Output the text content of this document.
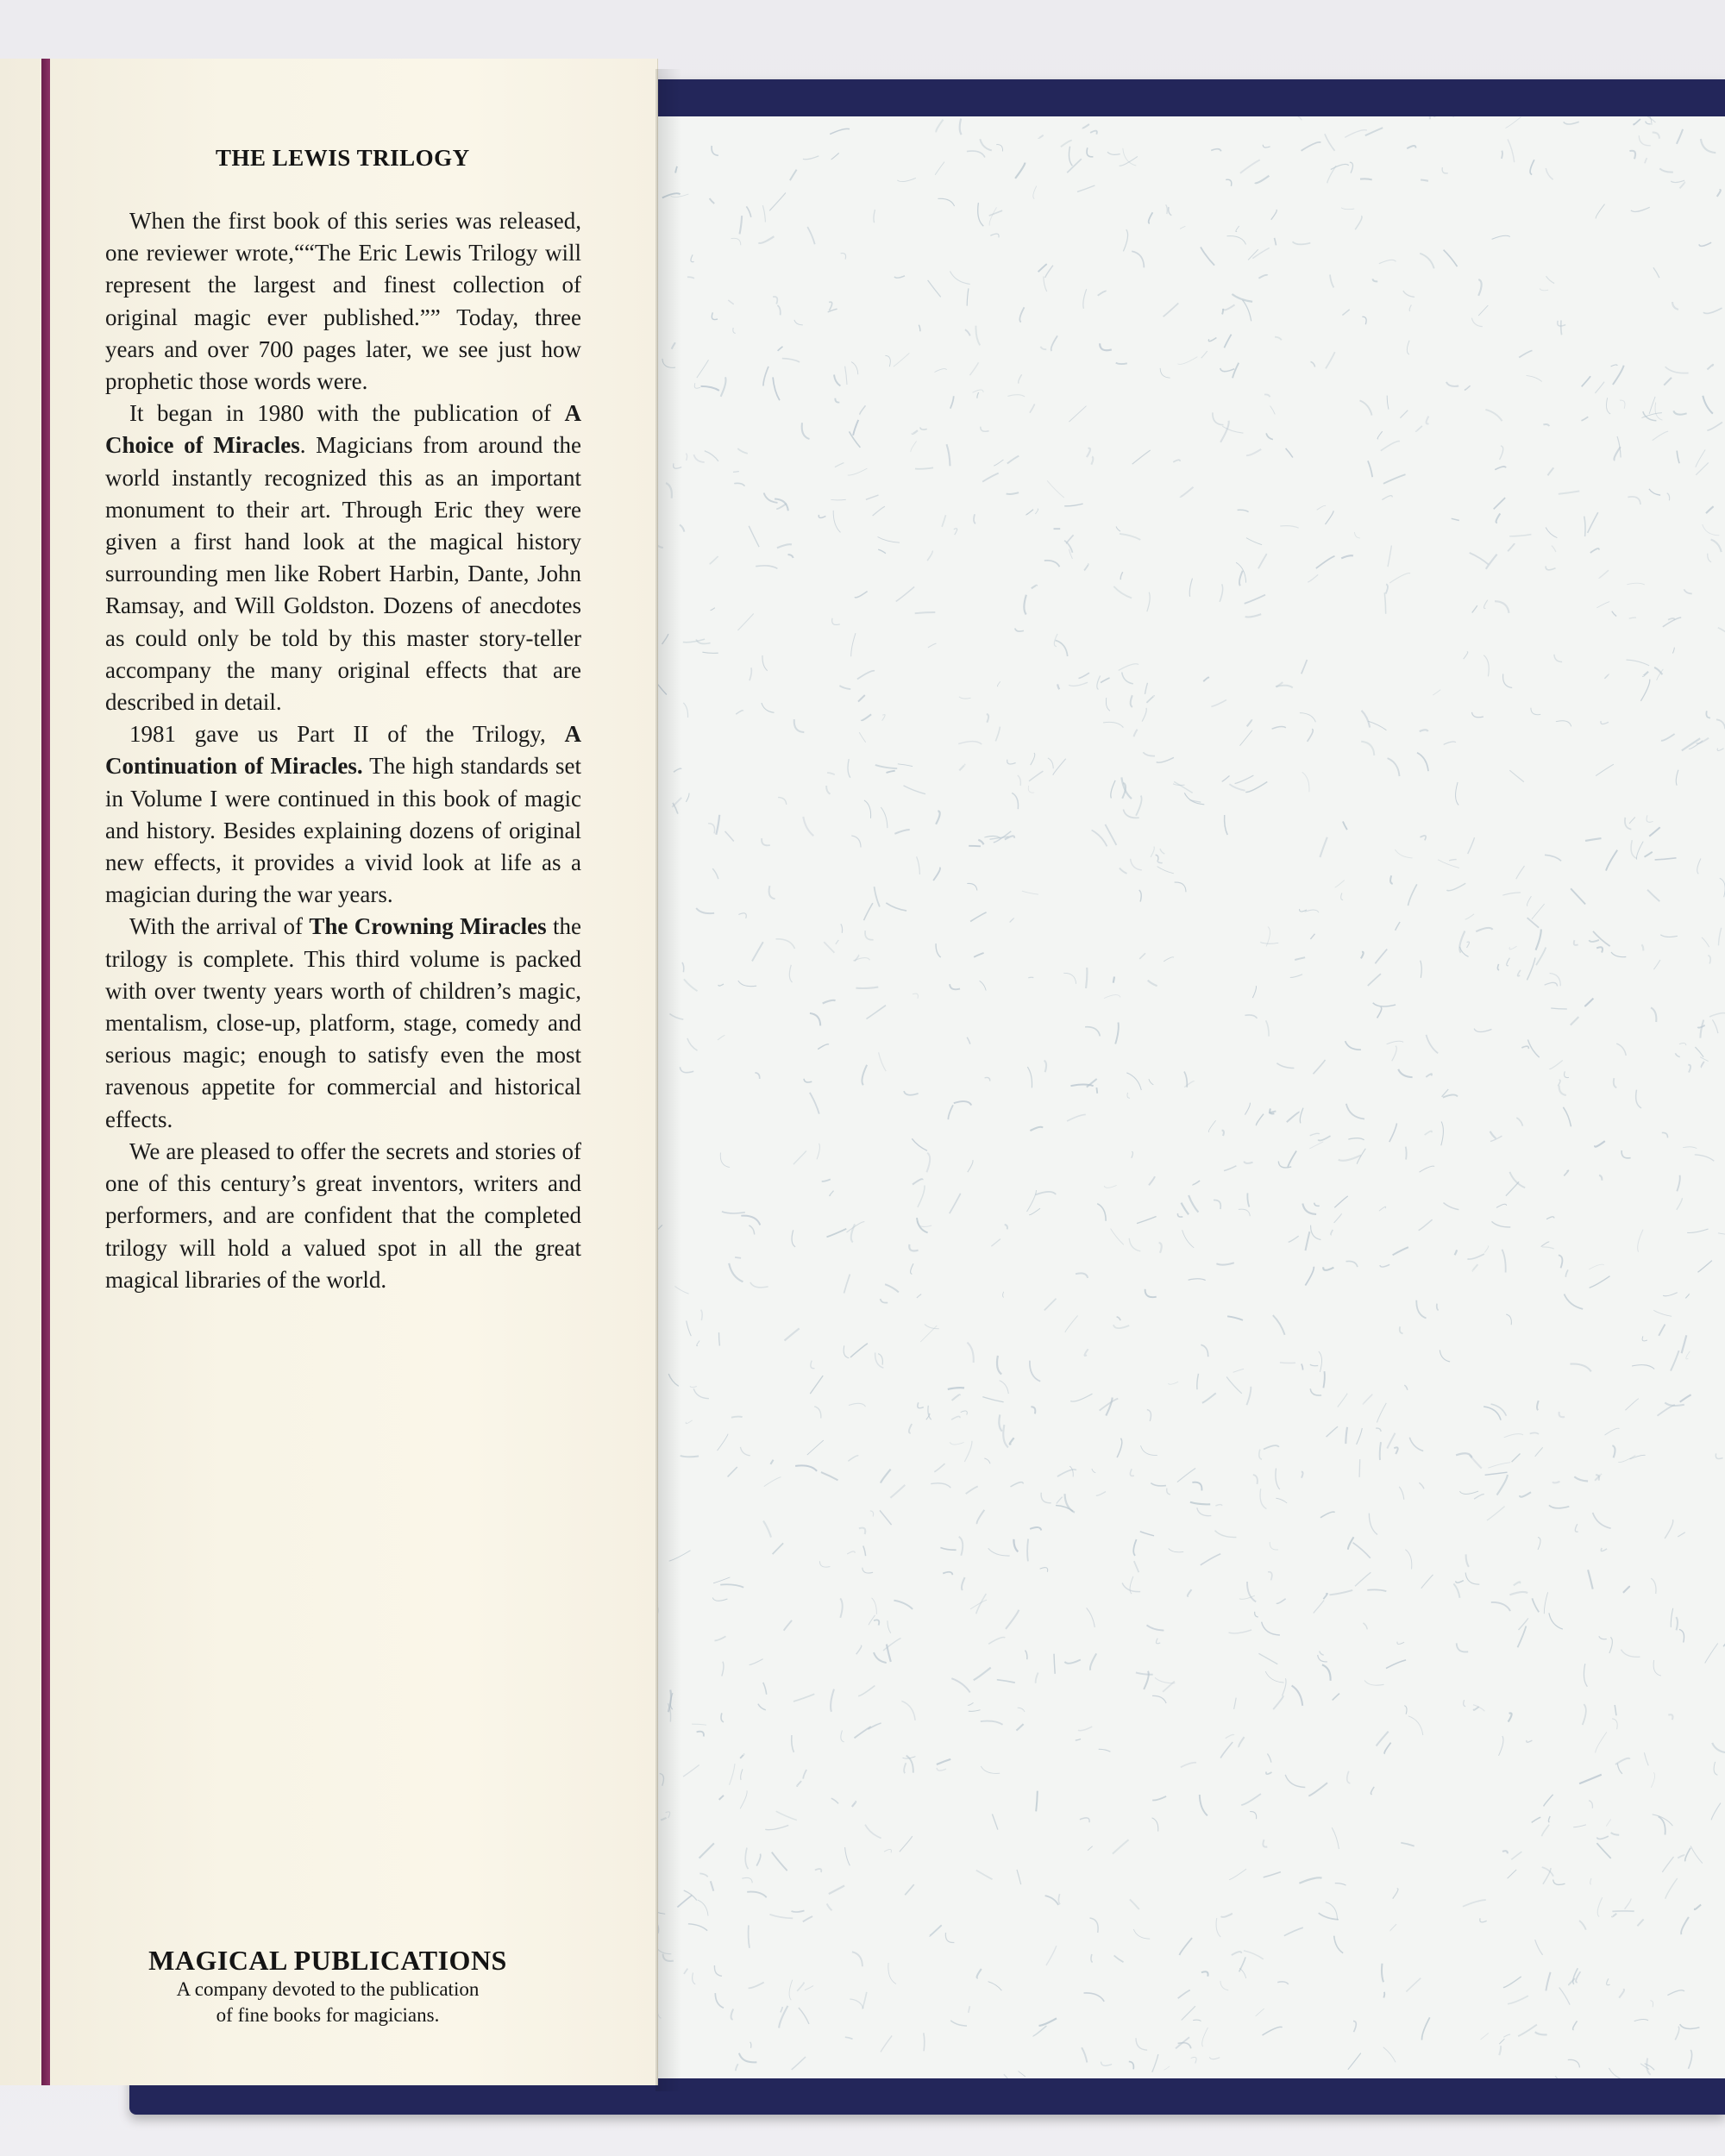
THE LEWIS TRILOGY

When the first book of this series was released, one reviewer wrote,““The Eric Lewis Trilogy will represent the largest and finest collection of original magic ever published.”” Today, three years and over 700 pages later, we see just how prophetic those words were.

It began in 1980 with the publication of A Choice of Miracles. Magicians from around the world instantly recognized this as an important monument to their art. Through Eric they were given a first hand look at the magical history surrounding men like Robert Harbin, Dante, John Ramsay, and Will Goldston. Dozens of anecdotes as could only be told by this master story-teller accompany the many original effects that are described in detail.

1981 gave us Part II of the Trilogy, A Continuation of Miracles. The high standards set in Volume I were continued in this book of magic and history. Besides explaining dozens of original new effects, it provides a vivid look at life as a magician during the war years.

With the arrival of The Crowning Miracles the trilogy is complete. This third volume is packed with over twenty years worth of children’s magic, mentalism, close-up, platform, stage, comedy and serious magic; enough to satisfy even the most ravenous appetite for commercial and historical effects.

We are pleased to offer the secrets and stories of one of this century’s great inventors, writers and performers, and are confident that the completed trilogy will hold a valued spot in all the great magical libraries of the world.

MAGICAL PUBLICATIONS
A company devoted to the publication
of fine books for magicians.
